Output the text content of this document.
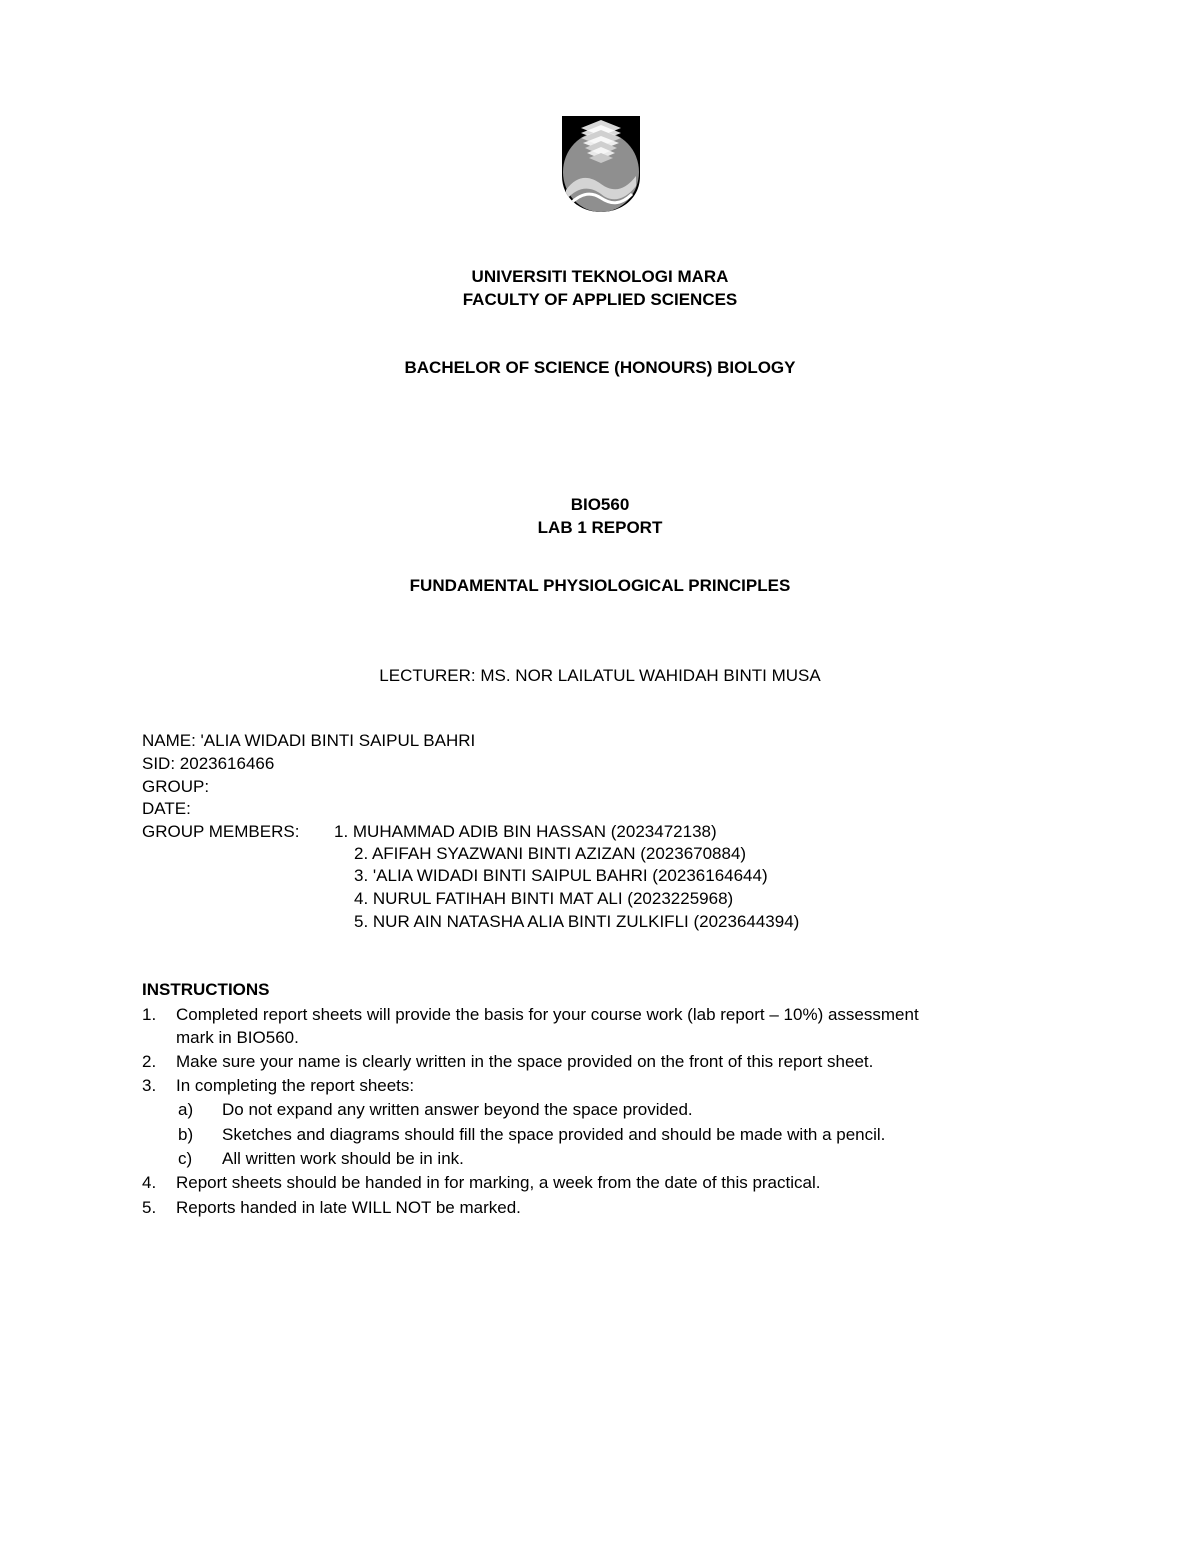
UNIVERSITI TEKNOLOGI MARA
FACULTY OF APPLIED SCIENCES
BACHELOR OF SCIENCE (HONOURS) BIOLOGY
BIO560
LAB 1 REPORT
FUNDAMENTAL PHYSIOLOGICAL PRINCIPLES
LECTURER: MS. NOR LAILATUL WAHIDAH BINTI MUSA
NAME: 'ALIA WIDADI BINTI SAIPUL BAHRI
SID: 2023616466
GROUP:
DATE:
GROUP MEMBERS: 1. MUHAMMAD ADIB BIN HASSAN (2023472138)
2. AFIFAH SYAZWANI BINTI AZIZAN (2023670884)
3. 'ALIA WIDADI BINTI SAIPUL BAHRI (20236164644)
4. NURUL FATIHAH BINTI MAT ALI (2023225968)
5. NUR AIN NATASHA ALIA BINTI ZULKIFLI (2023644394)
INSTRUCTIONS
1. Completed report sheets will provide the basis for your course work (lab report – 10%) assessment
mark in BIO560.
2. Make sure your name is clearly written in the space provided on the front of this report sheet.
3. In completing the report sheets:
a) Do not expand any written answer beyond the space provided.
b) Sketches and diagrams should fill the space provided and should be made with a pencil.
c) All written work should be in ink.
4. Report sheets should be handed in for marking, a week from the date of this practical.
5. Reports handed in late WILL NOT be marked.
